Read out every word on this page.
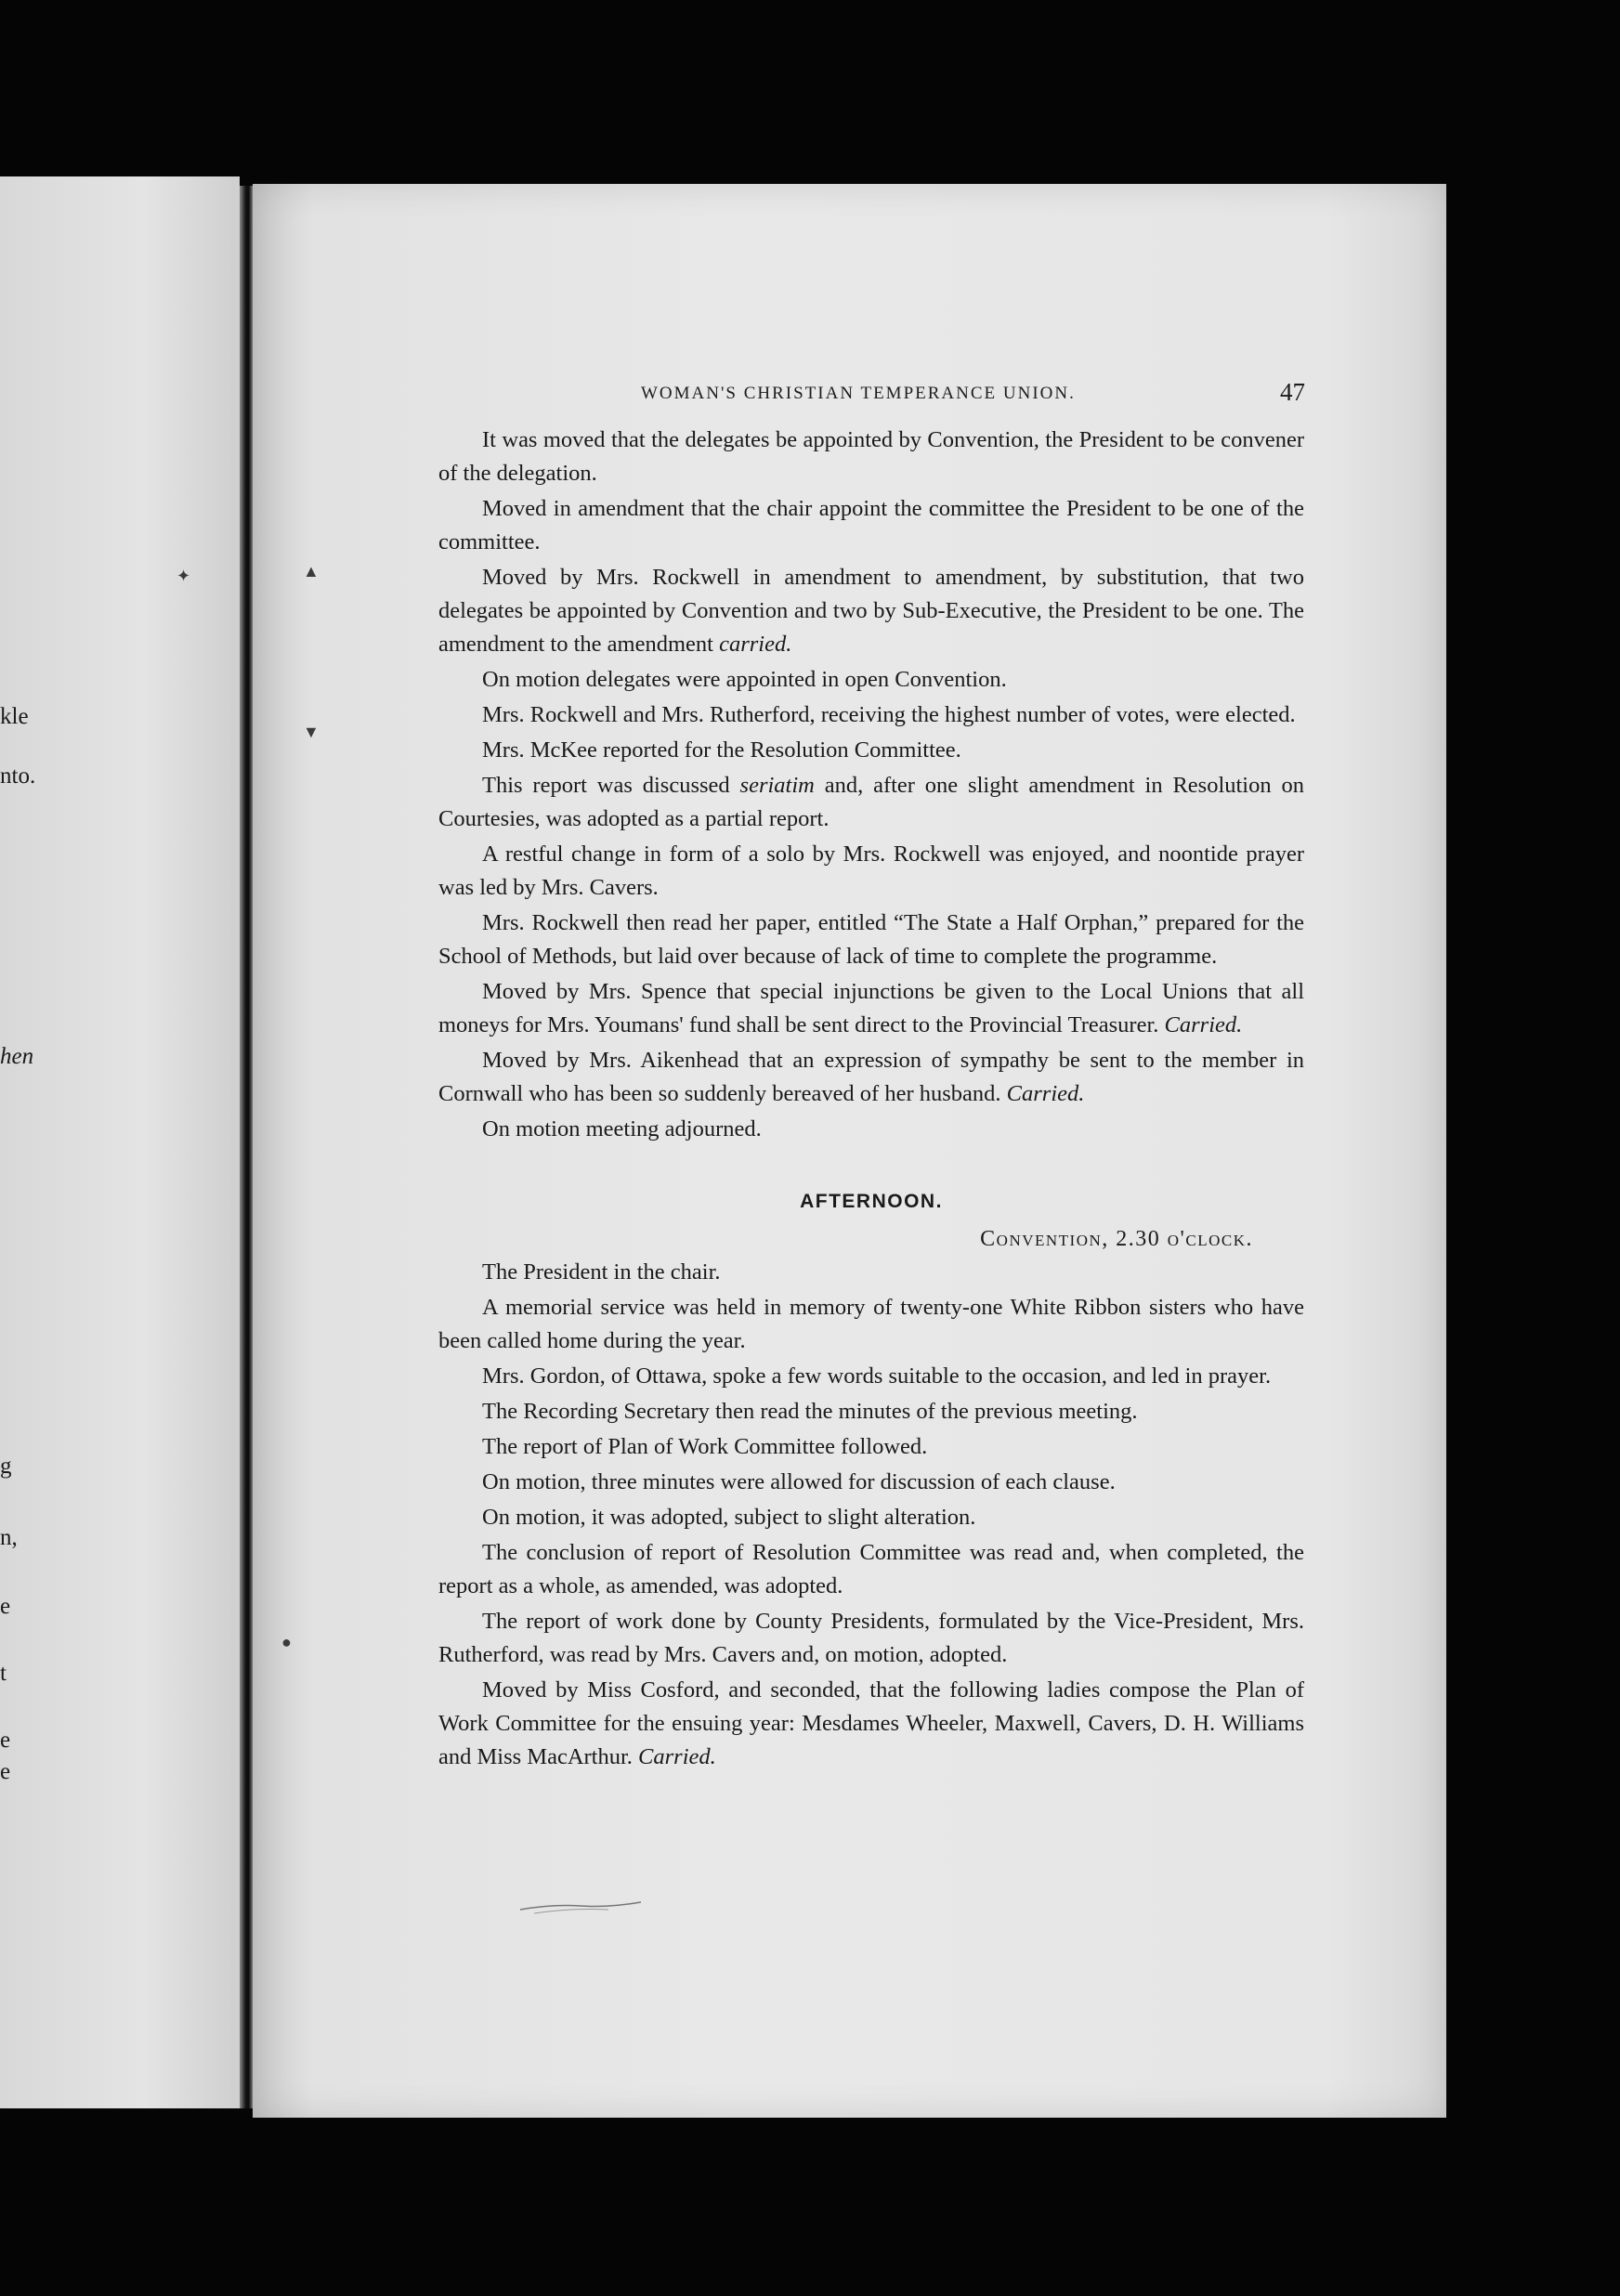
kle
nto.
hen
g
n,
e
t
e
e
✦	▲
▼
●
WOMAN'S CHRISTIAN TEMPERANCE UNION.	47

It was moved that the delegates be appointed by Convention, the President to be convener of the delegation.

Moved in amendment that the chair appoint the committee the President to be one of the committee.

Moved by Mrs. Rockwell in amendment to amendment, by substitution, that two delegates be appointed by Convention and two by Sub-Executive, the President to be one. The amendment to the amendment carried.

On motion delegates were appointed in open Convention.

Mrs. Rockwell and Mrs. Rutherford, receiving the highest number of votes, were elected.

Mrs. McKee reported for the Resolution Committee.

This report was discussed seriatim and, after one slight amendment in Resolution on Courtesies, was adopted as a partial report.

A restful change in form of a solo by Mrs. Rockwell was enjoyed, and noontide prayer was led by Mrs. Cavers.

Mrs. Rockwell then read her paper, entitled “The State a Half Orphan,” prepared for the School of Methods, but laid over because of lack of time to complete the programme.

Moved by Mrs. Spence that special injunctions be given to the Local Unions that all moneys for Mrs. Youmans' fund shall be sent direct to the Provincial Treasurer. Carried.

Moved by Mrs. Aikenhead that an expression of sympathy be sent to the member in Cornwall who has been so suddenly bereaved of her husband. Carried.

On motion meeting adjourned.

AFTERNOON.
Convention, 2.30 o'clock.

The President in the chair.

A memorial service was held in memory of twenty-one White Ribbon sisters who have been called home during the year.

Mrs. Gordon, of Ottawa, spoke a few words suitable to the occasion, and led in prayer.

The Recording Secretary then read the minutes of the previous meeting.

The report of Plan of Work Committee followed.

On motion, three minutes were allowed for discussion of each clause.

On motion, it was adopted, subject to slight alteration.

The conclusion of report of Resolution Committee was read and, when completed, the report as a whole, as amended, was adopted.

The report of work done by County Presidents, formulated by the Vice-President, Mrs. Rutherford, was read by Mrs. Cavers and, on motion, adopted.

Moved by Miss Cosford, and seconded, that the following ladies compose the Plan of Work Committee for the ensuing year: Mesdames Wheeler, Maxwell, Cavers, D. H. Williams and Miss MacArthur. Carried.
